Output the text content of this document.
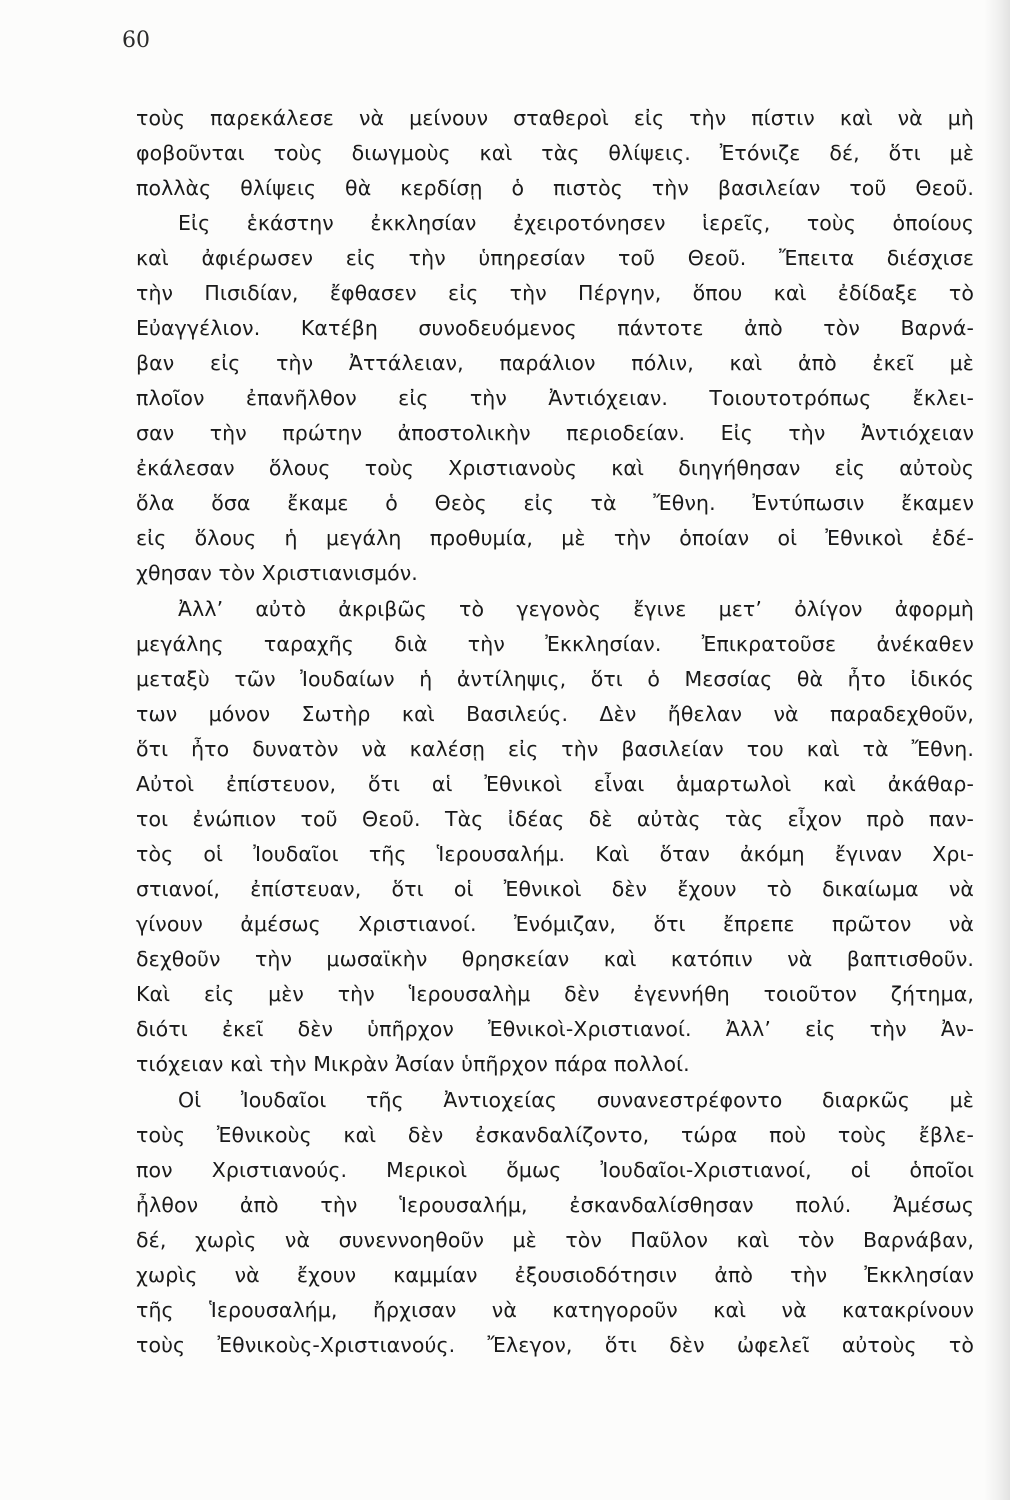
60
τοὺς παρεκάλεσε νὰ μείνουν σταθεροὶ εἰς τὴν πίστιν καὶ νὰ μὴ
φοβοῦνται τοὺς διωγμοὺς καὶ τὰς θλίψεις. Ἐτόνιζε δέ, ὅτι μὲ
πολλὰς θλίψεις θὰ κερδίσῃ ὁ πιστὸς τὴν βασιλείαν τοῦ Θεοῦ.
Εἰς ἑκάστην ἐκκλησίαν ἐχειροτόνησεν ἱερεῖς, τοὺς ὁποίους
καὶ ἀφιέρωσεν εἰς τὴν ὑπηρεσίαν τοῦ Θεοῦ. Ἔπειτα διέσχισε
τὴν Πισιδίαν, ἔφθασεν εἰς τὴν Πέργην, ὅπου καὶ ἐδίδαξε τὸ
Εὐαγγέλιον. Κατέβη συνοδευόμενος πάντοτε ἀπὸ τὸν Βαρνά-
βαν εἰς τὴν Ἀττάλειαν, παράλιον πόλιν, καὶ ἀπὸ ἐκεῖ μὲ
πλοῖον ἐπανῆλθον εἰς τὴν Ἀντιόχειαν. Τοιουτοτρόπως ἔκλει-
σαν τὴν πρώτην ἀποστολικὴν περιοδείαν. Εἰς τὴν Ἀντιόχειαν
ἐκάλεσαν ὅλους τοὺς Χριστιανοὺς καὶ διηγήθησαν εἰς αὐτοὺς
ὅλα ὅσα ἔκαμε ὁ Θεὸς εἰς τὰ Ἔθνη. Ἐντύπωσιν ἔκαμεν
εἰς ὅλους ἡ μεγάλη προθυμία, μὲ τὴν ὁποίαν οἱ Ἐθνικοὶ ἐδέ-
χθησαν τὸν Χριστιανισμόν.
Ἀλλ’ αὐτὸ ἀκριβῶς τὸ γεγονὸς ἔγινε μετ’ ὀλίγον ἀφορμὴ
μεγάλης ταραχῆς διὰ τὴν Ἐκκλησίαν. Ἐπικρατοῦσε ἀνέκαθεν
μεταξὺ τῶν Ἰουδαίων ἡ ἀντίληψις, ὅτι ὁ Μεσσίας θὰ ἦτο ἰδικός
των μόνον Σωτὴρ καὶ Βασιλεύς. Δὲν ἤθελαν νὰ παραδεχθοῦν,
ὅτι ἦτο δυνατὸν νὰ καλέσῃ εἰς τὴν βασιλείαν του καὶ τὰ Ἔθνη.
Αὐτοὶ ἐπίστευον, ὅτι αἱ Ἐθνικοὶ εἶναι ἁμαρτωλοὶ καὶ ἀκάθαρ-
τοι ἐνώπιον τοῦ Θεοῦ. Τὰς ἰδέας δὲ αὐτὰς τὰς εἶχον πρὸ παν-
τὸς οἱ Ἰουδαῖοι τῆς Ἱερουσαλήμ. Καὶ ὅταν ἀκόμη ἔγιναν Χρι-
στιανοί, ἐπίστευαν, ὅτι οἱ Ἐθνικοὶ δὲν ἔχουν τὸ δικαίωμα νὰ
γίνουν ἀμέσως Χριστιανοί. Ἐνόμιζαν, ὅτι ἔπρεπε πρῶτον νὰ
δεχθοῦν τὴν μωσαϊκὴν θρησκείαν καὶ κατόπιν νὰ βαπτισθοῦν.
Καὶ εἰς μὲν τὴν Ἱερουσαλὴμ δὲν ἐγεννήθη τοιοῦτον ζήτημα,
διότι ἐκεῖ δὲν ὑπῆρχον Ἐθνικοὶ-Χριστιανοί. Ἀλλ’ εἰς τὴν Ἀν-
τιόχειαν καὶ τὴν Μικρὰν Ἀσίαν ὑπῆρχον πάρα πολλοί.
Οἱ Ἰουδαῖοι τῆς Ἀντιοχείας συνανεστρέφοντο διαρκῶς μὲ
τοὺς Ἐθνικοὺς καὶ δὲν ἐσκανδαλίζοντο, τώρα ποὺ τοὺς ἔβλε-
πον Χριστιανούς. Μερικοὶ ὅμως Ἰουδαῖοι-Χριστιανοί, οἱ ὁποῖοι
ἦλθον ἀπὸ τὴν Ἱερουσαλήμ, ἐσκανδαλίσθησαν πολύ. Ἀμέσως
δέ, χωρὶς νὰ συνεννοηθοῦν μὲ τὸν Παῦλον καὶ τὸν Βαρνάβαν,
χωρὶς νὰ ἔχουν καμμίαν ἐξουσιοδότησιν ἀπὸ τὴν Ἐκκλησίαν
τῆς Ἱερουσαλήμ, ἤρχισαν νὰ κατηγοροῦν καὶ νὰ κατακρίνουν
τοὺς Ἐθνικοὺς-Χριστιανούς. Ἔλεγον, ὅτι δὲν ὠφελεῖ αὐτοὺς τὸ
